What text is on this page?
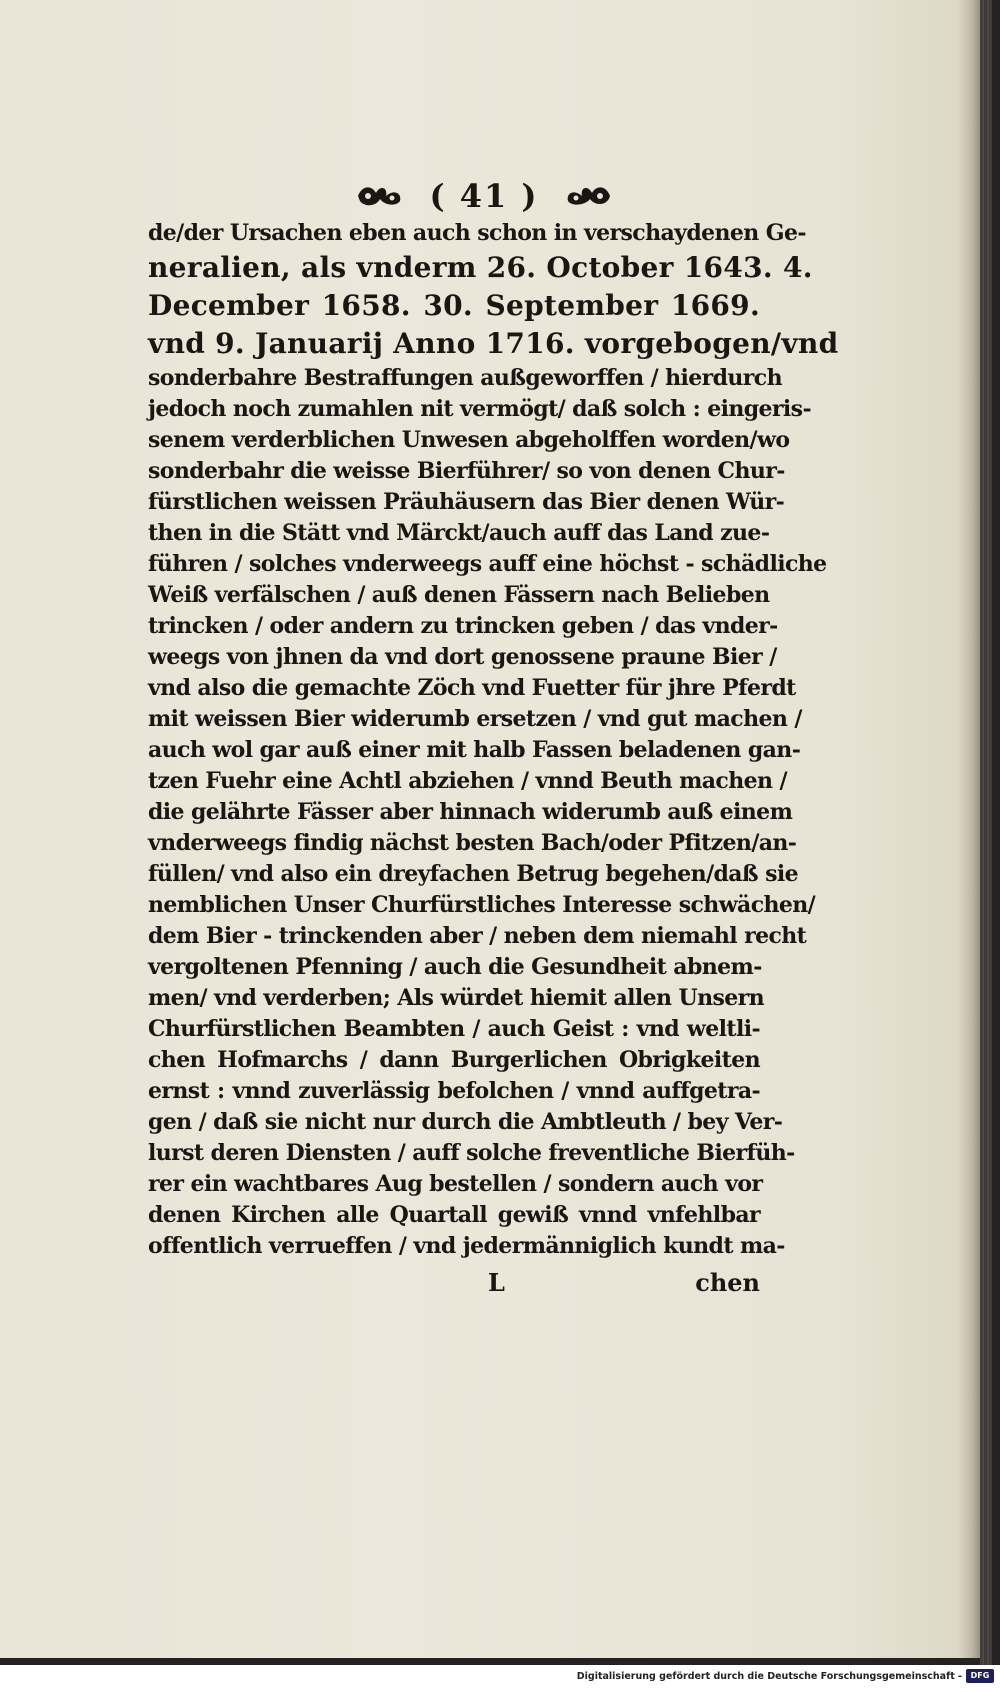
( 41 )
de/der Ursachen eben auch schon in verschaydenen Ge-
neralien, als vnderm 26. October 1643. 4.
December 1658. 30. September 1669.
vnd 9. Januarij Anno 1716. vorgebogen/vnd
sonderbahre Bestraffungen außgeworffen / hierdurch
jedoch noch zumahlen nit vermögt/ daß solch : eingeris-
senem verderblichen Unwesen abgeholffen worden/wo
sonderbahr die weisse Bierführer/ so von denen Chur-
fürstlichen weissen Präuhäusern das Bier denen Wür-
then in die Stätt vnd Märckt/auch auff das Land zue-
führen / solches vnderweegs auff eine höchst - schädliche
Weiß verfälschen / auß denen Fässern nach Belieben
trincken / oder andern zu trincken geben / das vnder-
weegs von jhnen da vnd dort genossene praune Bier /
vnd also die gemachte Zöch vnd Fuetter für jhre Pferdt
mit weissen Bier widerumb ersetzen / vnd gut machen /
auch wol gar auß einer mit halb Fassen beladenen gan-
tzen Fuehr eine Achtl abziehen / vnnd Beuth machen /
die gelährte Fässer aber hinnach widerumb auß einem
vnderweegs findig nächst besten Bach/oder Pfitzen/an-
füllen/ vnd also ein dreyfachen Betrug begehen/daß sie
nemblichen Unser Churfürstliches Interesse schwächen/
dem Bier - trinckenden aber / neben dem niemahl recht
vergoltenen Pfenning / auch die Gesundheit abnem-
men/ vnd verderben; Als würdet hiemit allen Unsern
Churfürstlichen Beambten / auch Geist : vnd weltli-
chen Hofmarchs / dann Burgerlichen Obrigkeiten
ernst : vnnd zuverlässig befolchen / vnnd auffgetra-
gen / daß sie nicht nur durch die Ambtleuth / bey Ver-
lurst deren Diensten / auff solche freventliche Bierfüh-
rer ein wachtbares Aug bestellen / sondern auch vor
denen Kirchen alle Quartall gewiß vnnd vnfehlbar
offentlich verrueffen / vnd jedermänniglich kundt ma-
L	chen
Digitalisierung gefördert durch die Deutsche Forschungsgemeinschaft -	DFG
